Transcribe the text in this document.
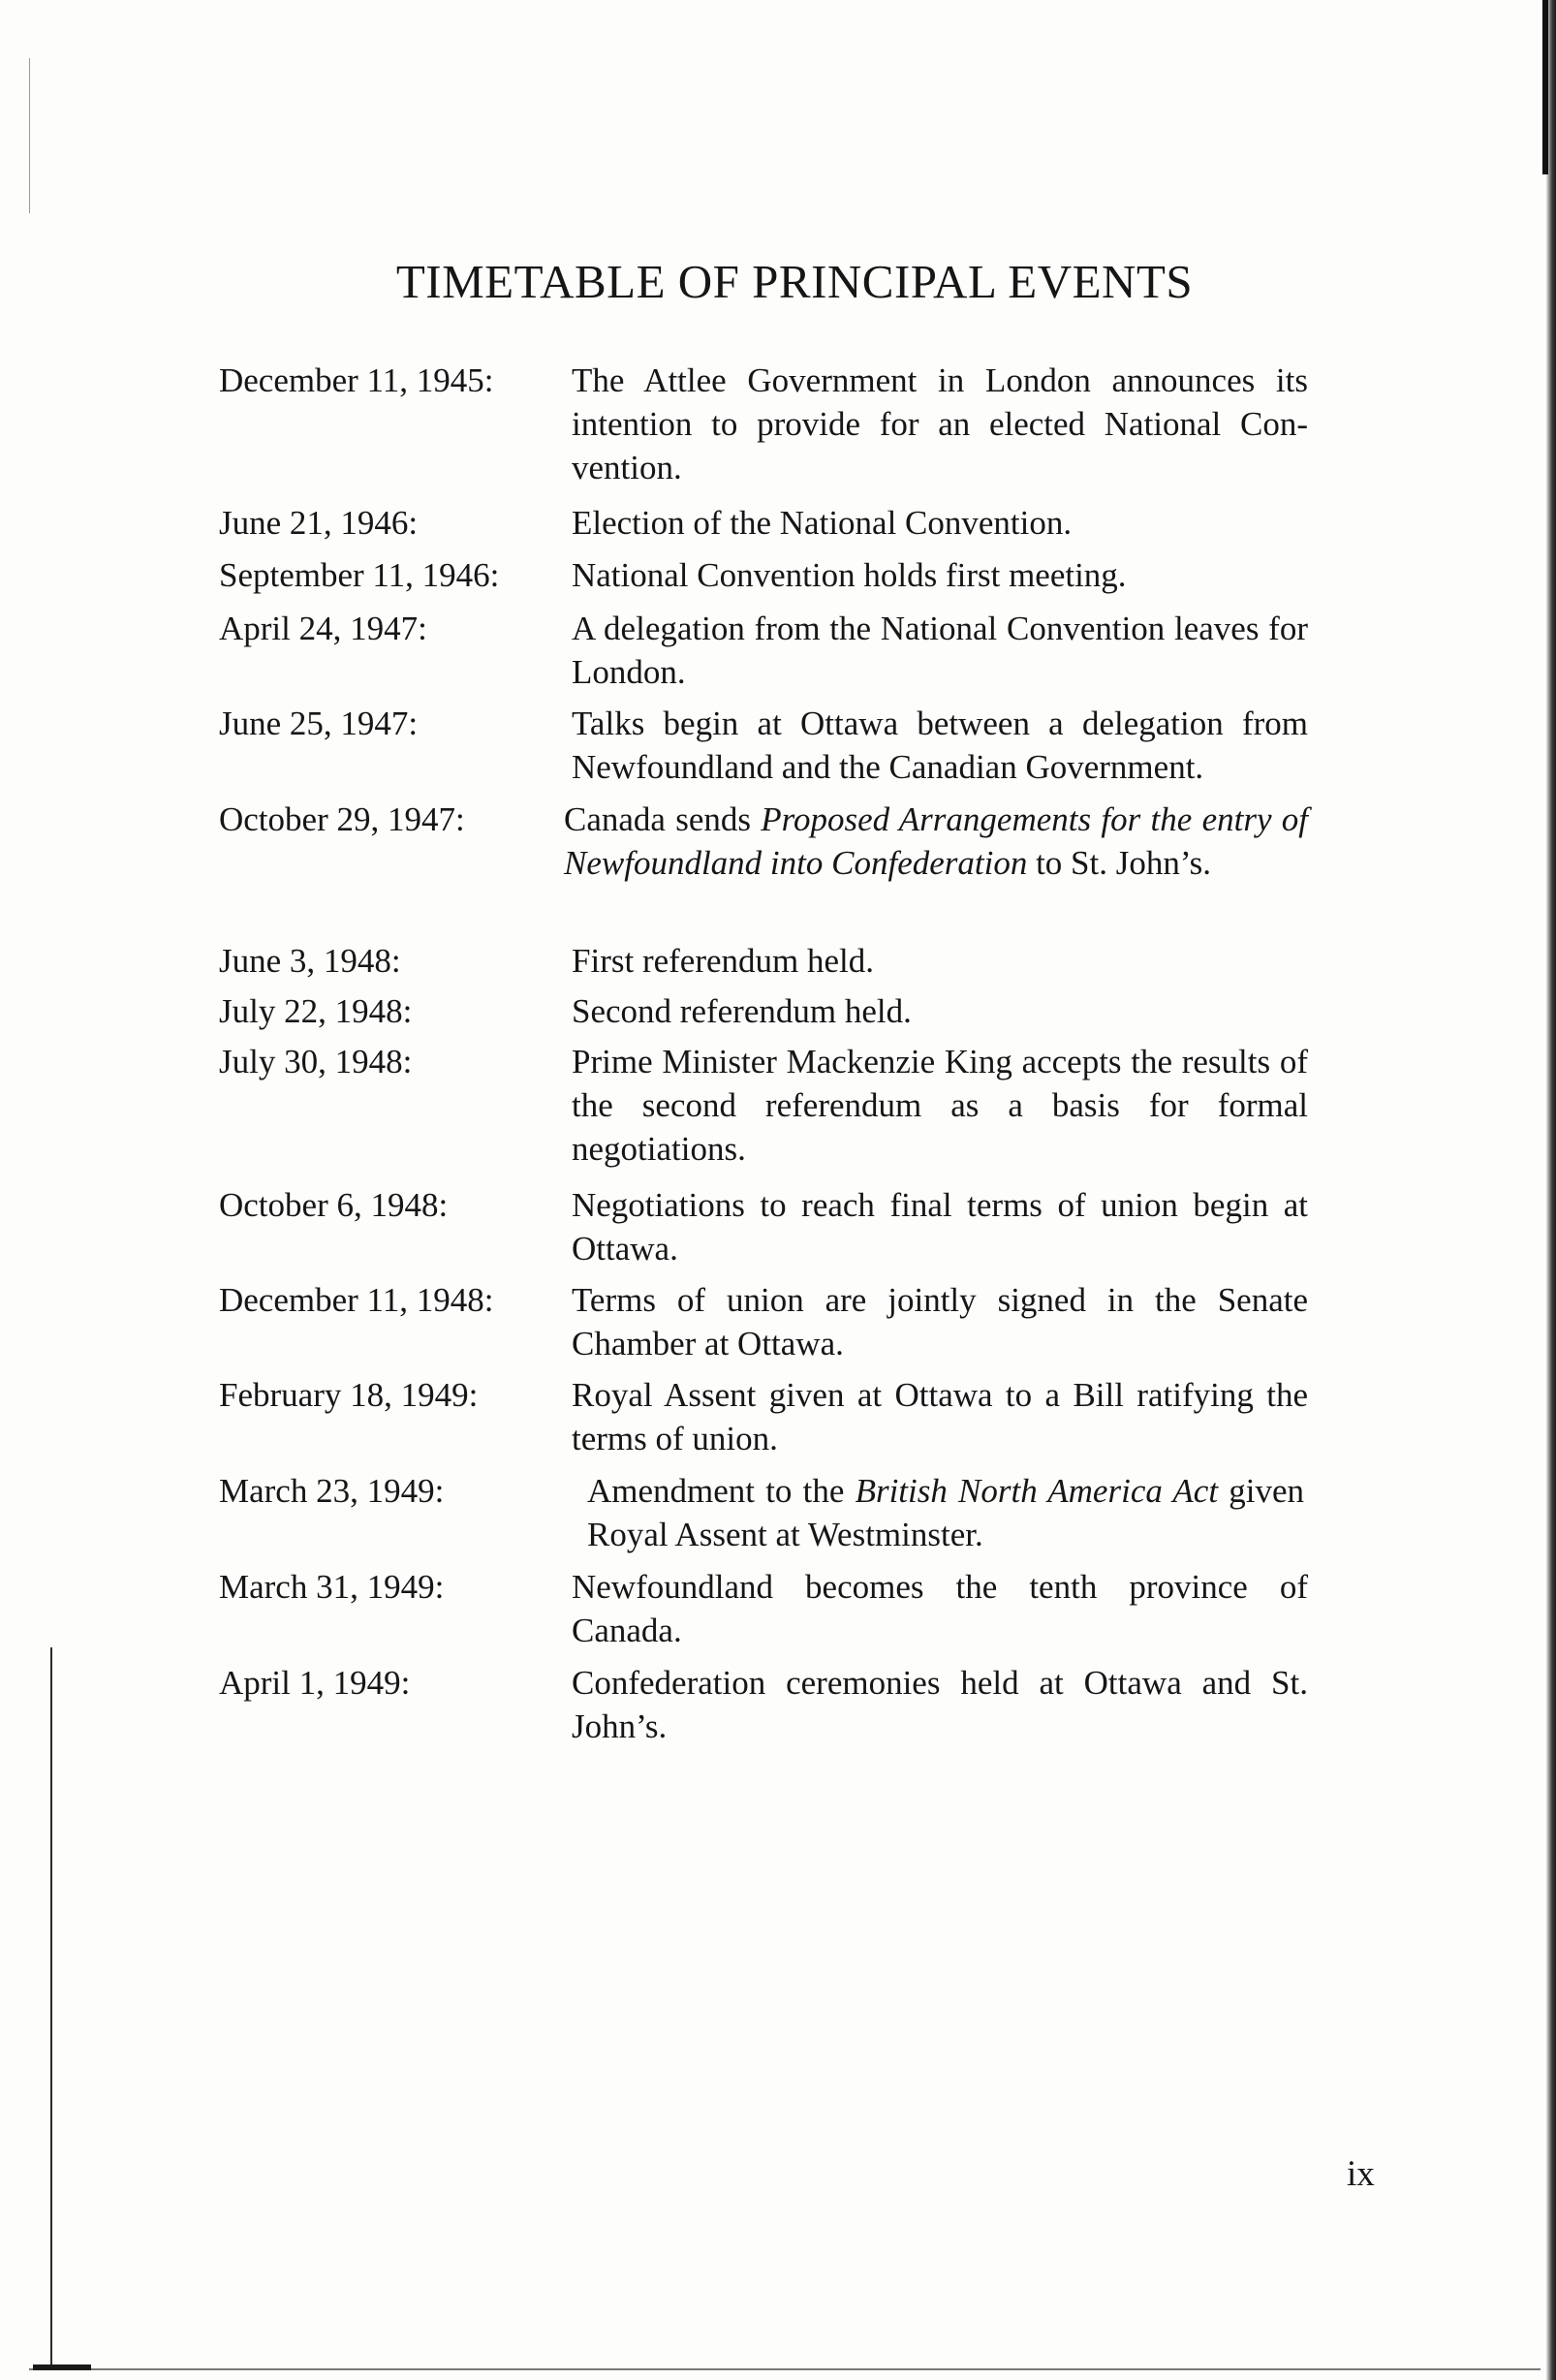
TIMETABLE OF PRINCIPAL EVENTS
December 11, 1945: The Attlee Government in London announces its intention to provide for an elected National Con-vention.
June 21, 1946:	Election of the National Convention.
September 11, 1946: National Convention holds first meeting.
April 24, 1947:	A delegation from the National Convention leaves for London.
June 25, 1947:	Talks begin at Ottawa between a delegation from Newfoundland and the Canadian Government.
October 29, 1947:	Canada sends Proposed Arrangements for the entry of Newfoundland into Confederation to St. John’s.
June 3, 1948:	First referendum held.
July 22, 1948:	Second referendum held.
July 30, 1948:	Prime Minister Mackenzie King accepts the results of the second referendum as a basis for formal negotiations.
October 6, 1948:	Negotiations to reach final terms of union begin at Ottawa.
December 11, 1948: Terms of union are jointly signed in the Senate Chamber at Ottawa.
February 18, 1949:	Royal Assent given at Ottawa to a Bill ratifying the terms of union.
March 23, 1949:	Amendment to the British North America Act given Royal Assent at Westminster.
March 31, 1949:	Newfoundland becomes the tenth province of Canada.
April 1, 1949:	Confederation ceremonies held at Ottawa and St. John’s.
ix
